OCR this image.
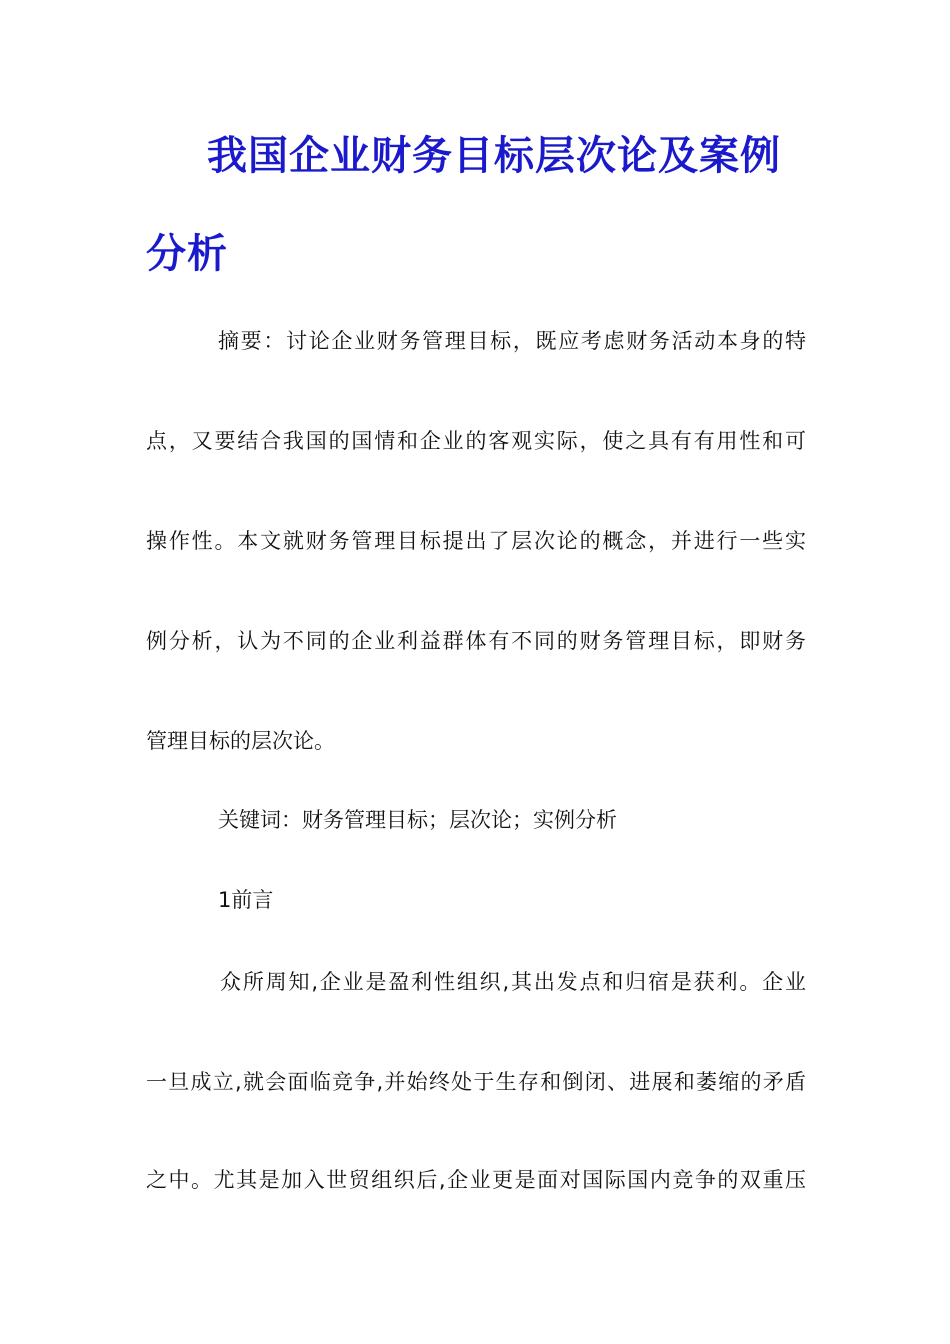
我国企业财务目标层次论及案例
分析
摘要：讨论企业财务管理目标，既应考虑财务活动本身的特
点，又要结合我国的国情和企业的客观实际，使之具有有用性和可
操作性。本文就财务管理目标提出了层次论的概念，并进行一些实
例分析，认为不同的企业利益群体有不同的财务管理目标，即财务
管理目标的层次论。
关键词：财务管理目标；层次论；实例分析
1前言
众所周知,企业是盈利性组织,其出发点和归宿是获利。企业
一旦成立,就会面临竞争,并始终处于生存和倒闭、进展和萎缩的矛盾
之中。尤其是加入世贸组织后,企业更是面对国际国内竞争的双重压
